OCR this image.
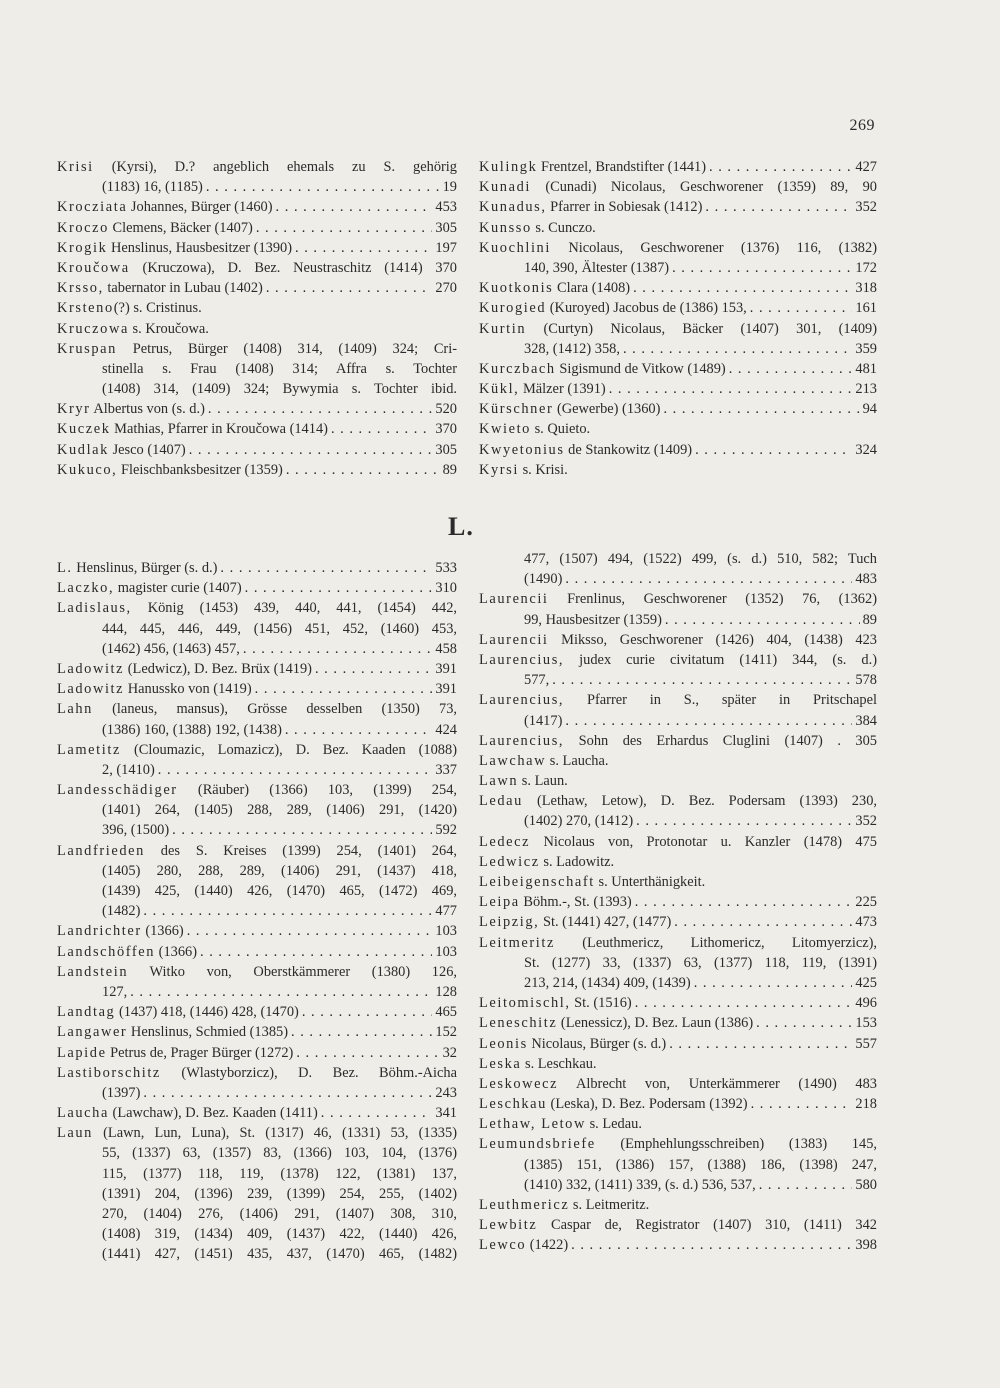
269
Krisi (Kyrsi), D.? angeblich ehemals zu S. gehörig
(1183) 16, (1185) . . .	19
Krocziata Johannes, Bürger (1460) . . .	453
Kroczo Clemens, Bäcker (1407) . . .	305
Krogik Henslinus, Hausbesitzer (1390) . . .	197
Kroučowa (Kruczowa), D. Bez. Neustraschitz (1414) 370
Krsso, tabernator in Lubau (1402) . . .	270
Krsteno(?) s. Cristinus.
Kruczowa s. Kroučowa.
Kruspan Petrus, Bürger (1408) 314, (1409) 324; Cri-
stinella s. Frau (1408) 314; Affra s. Tochter
(1408) 314, (1409) 324; Bywymia s. Tochter ibid.
Kryr Albertus von (s. d.) . . .	520
Kuczek Mathias, Pfarrer in Kroučowa (1414) . . .	370
Kudlak Jesco (1407) . . .	305
Kukuco, Fleischbanksbesitzer (1359) . . .	89
Kulingk Frentzel, Brandstifter (1441) . . .	427
Kunadi (Cunadi) Nicolaus, Geschworener (1359) 89, 90
Kunadus, Pfarrer in Sobiesak (1412) . . .	352
Kunsso s. Cunczo.
Kuochlini Nicolaus, Geschworener (1376) 116, (1382)
140, 390, Ältester (1387) . . .	172
Kuotkonis Clara (1408) . . .	318
Kurogied (Kuroyed) Jacobus de (1386) 153, . . .	161
Kurtin (Curtyn) Nicolaus, Bäcker (1407) 301, (1409)
328, (1412) 358, . . .	359
Kurczbach Sigismund de Vitkow (1489) . . .	481
Kükl, Mälzer (1391) . . .	213
Kürschner (Gewerbe) (1360) . . .	94
Kwieto s. Quieto.
Kwyetonius de Stankowitz (1409) . . .	324
Kyrsi s. Krisi.
L.
L. Henslinus, Bürger (s. d.) . . .	533
Laczko, magister curie (1407) . . .	310
Ladislaus, König (1453) 439, 440, 441, (1454) 442,
444, 445, 446, 449, (1456) 451, 452, (1460) 453,
(1462) 456, (1463) 457, . . .	458
Ladowitz (Ledwicz), D. Bez. Brüx (1419) . . .	391
Ladowitz Hanussko von (1419) . . .	391
Lahn (laneus, mansus), Grösse desselben (1350) 73,
(1386) 160, (1388) 192, (1438) . . .	424
Lametitz (Cloumazic, Lomazicz), D. Bez. Kaaden (1088)
2, (1410) . . .	337
Landesschädiger (Räuber) (1366) 103, (1399) 254,
(1401) 264, (1405) 288, 289, (1406) 291, (1420)
396, (1500) . . .	592
Landfrieden des S. Kreises (1399) 254, (1401) 264,
(1405) 280, 288, 289, (1406) 291, (1437) 418,
(1439) 425, (1440) 426, (1470) 465, (1472) 469,
(1482) . . .	477
Landrichter (1366) . . .	103
Landschöffen (1366) . . .	103
Landstein Witko von, Oberstkämmerer (1380) 126,
127, . . .	128
Landtag (1437) 418, (1446) 428, (1470) . . .	465
Langawer Henslinus, Schmied (1385) . . .	152
Lapide Petrus de, Prager Bürger (1272) . . .	32
Lastiborschitz (Wlastyborzicz), D. Bez. Böhm.-Aicha
(1397) . . .	243
Laucha (Lawchaw), D. Bez. Kaaden (1411) . . .	341
Laun (Lawn, Lun, Luna), St. (1317) 46, (1331) 53, (1335)
55, (1337) 63, (1357) 83, (1366) 103, 104, (1376)
115, (1377) 118, 119, (1378) 122, (1381) 137,
(1391) 204, (1396) 239, (1399) 254, 255, (1402)
270, (1404) 276, (1406) 291, (1407) 308, 310,
(1408) 319, (1434) 409, (1437) 422, (1440) 426,
(1441) 427, (1451) 435, 437, (1470) 465, (1482)
477, (1507) 494, (1522) 499, (s. d.) 510, 582; Tuch
(1490) . . .	483
Laurencii Frenlinus, Geschworener (1352) 76, (1362)
99, Hausbesitzer (1359) . . .	89
Laurencii Miksso, Geschworener (1426) 404, (1438) 423
Laurencius, judex curie civitatum (1411) 344, (s. d.)
577, . . .	578
Laurencius, Pfarrer in S., später in Pritschapel
(1417) . . .	384
Laurencius, Sohn des Erhardus Cluglini (1407) . 305
Lawchaw s. Laucha.
Lawn s. Laun.
Ledau (Lethaw, Letow), D. Bez. Podersam (1393) 230,
(1402) 270, (1412) . . .	352
Ledecz Nicolaus von, Protonotar u. Kanzler (1478) 475
Ledwicz s. Ladowitz.
Leibeigenschaft s. Unterthänigkeit.
Leipa Böhm.-, St. (1393) . . .	225
Leipzig, St. (1441) 427, (1477) . . .	473
Leitmeritz (Leuthmericz, Lithomericz, Litomyerzicz),
St. (1277) 33, (1337) 63, (1377) 118, 119, (1391)
213, 214, (1434) 409, (1439) . . .	425
Leitomischl, St. (1516) . . .	496
Leneschitz (Lenessicz), D. Bez. Laun (1386) . . .	153
Leonis Nicolaus, Bürger (s. d.) . . .	557
Leska s. Leschkau.
Leskowecz Albrecht von, Unterkämmerer (1490) 483
Leschkau (Leska), D. Bez. Podersam (1392) . . .	218
Lethaw, Letow s. Ledau.
Leumundsbriefe (Emphehlungsschreiben) (1383) 145,
(1385) 151, (1386) 157, (1388) 186, (1398) 247,
(1410) 332, (1411) 339, (s. d.) 536, 537, . . .	580
Leuthmericz s. Leitmeritz.
Lewbitz Caspar de, Registrator (1407) 310, (1411) 342
Lewco (1422) . . .	398
